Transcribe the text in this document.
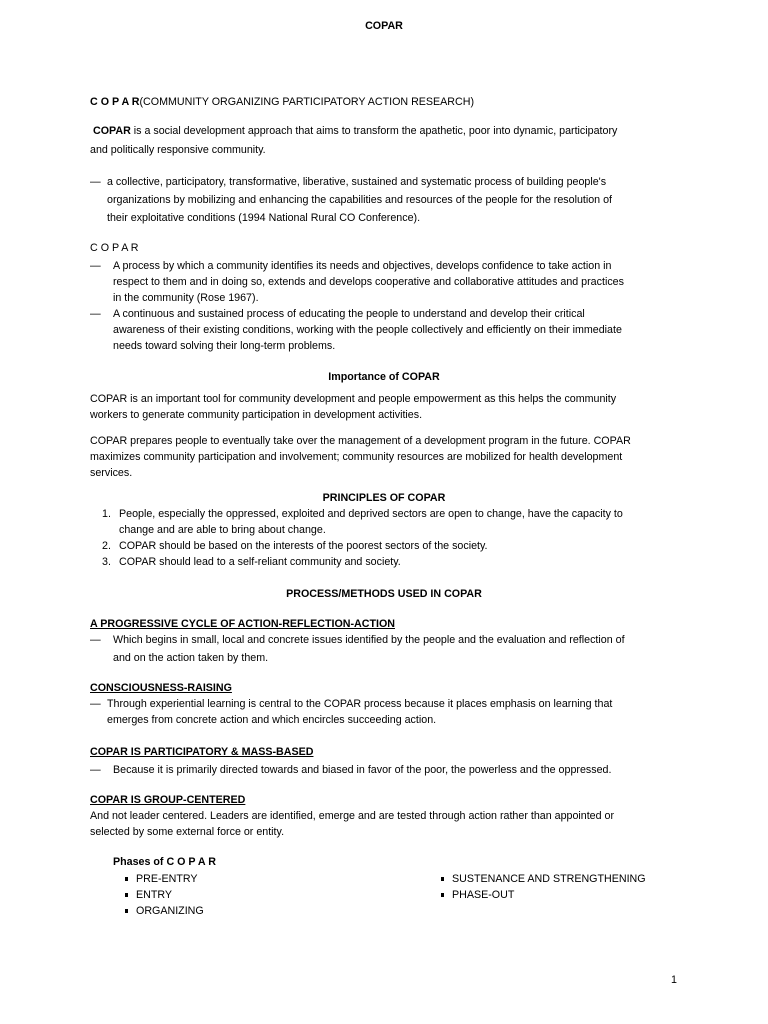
COPAR

C O P A R(COMMUNITY ORGANIZING PARTICIPATORY ACTION RESEARCH)

COPAR is a social development approach that aims to transform the apathetic, poor into dynamic, participatory

and politically responsive community.

— a collective, participatory, transformative, liberative, sustained and systematic process of building people's

organizations by mobilizing and enhancing the capabilities and resources of the people for the resolution of

their exploitative conditions (1994 National Rural CO Conference).

C O P A R

— A process by which a community identifies its needs and objectives, develops confidence to take action in

respect to them and in doing so, extends and develops cooperative and collaborative attitudes and practices

in the community (Rose 1967).

— A continuous and sustained process of educating the people to understand and develop their critical

awareness of their existing conditions, working with the people collectively and efficiently on their immediate

needs toward solving their long-term problems.

Importance of COPAR

COPAR is an important tool for community development and people empowerment as this helps the community

workers to generate community participation in development activities.

COPAR prepares people to eventually take over the management of a development program in the future. COPAR

maximizes community participation and involvement; community resources are mobilized for health development

services.

PRINCIPLES OF COPAR

1. People, especially the oppressed, exploited and deprived sectors are open to change, have the capacity to

change and are able to bring about change.

2. COPAR should be based on the interests of the poorest sectors of the society.

3. COPAR should lead to a self-reliant community and society.

PROCESS/METHODS USED IN COPAR

A PROGRESSIVE CYCLE OF ACTION-REFLECTION-ACTION

— Which begins in small, local and concrete issues identified by the people and the evaluation and reflection of

and on the action taken by them.

CONSCIOUSNESS-RAISING

— Through experiential learning is central to the COPAR process because it places emphasis on learning that

emerges from concrete action and which encircles succeeding action.

COPAR IS PARTICIPATORY & MASS-BASED

— Because it is primarily directed towards and biased in favor of the poor, the powerless and the oppressed.

COPAR IS GROUP-CENTERED

And not leader centered. Leaders are identified, emerge and are tested through action rather than appointed or

selected by some external force or entity.

Phases of C O P A R

PRE-ENTRY

ENTRY

ORGANIZING

SUSTENANCE AND STRENGTHENING

PHASE-OUT

1
